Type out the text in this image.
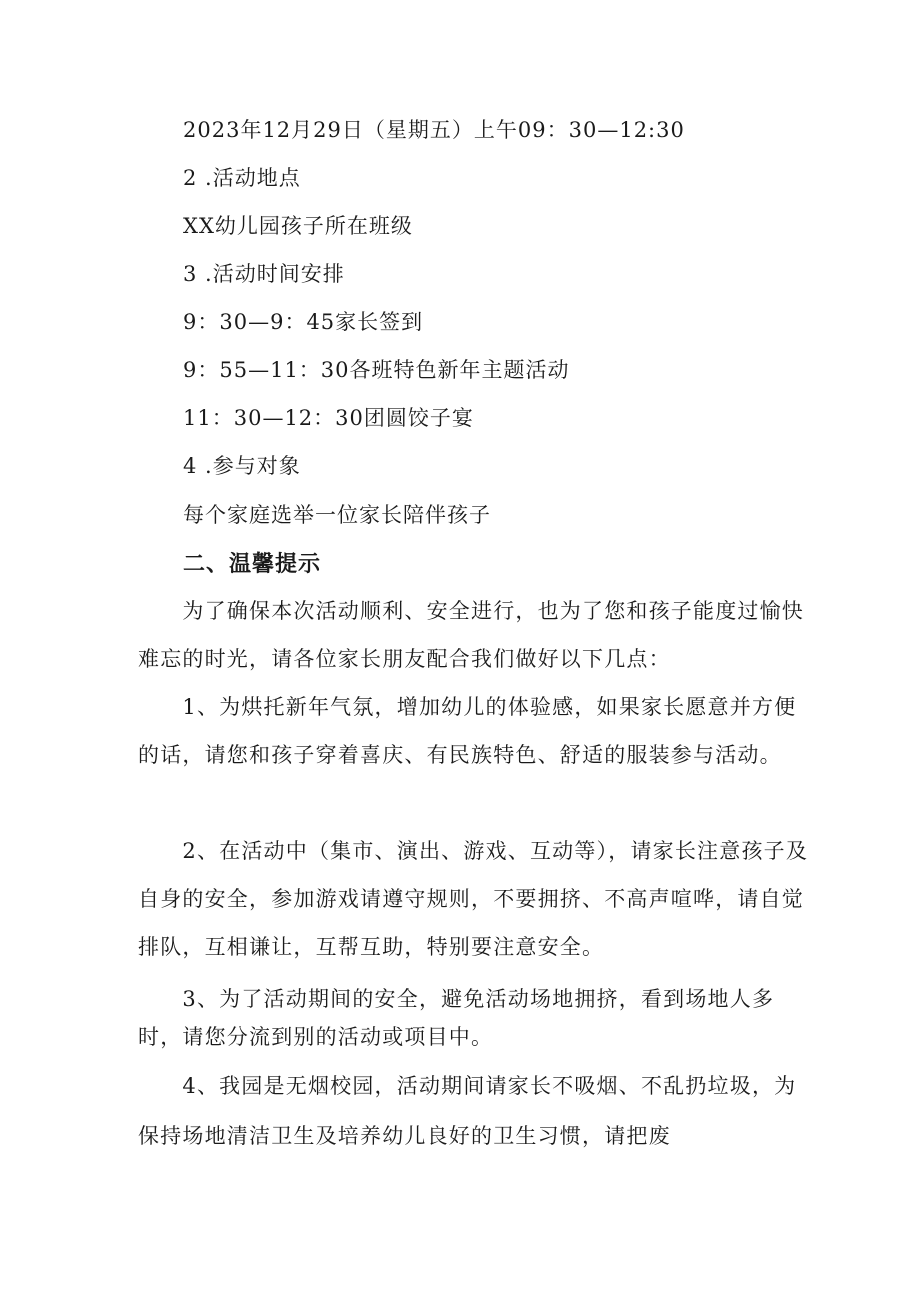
2023年12月29日（星期五）上午09：30—12:30
2 .活动地点
XX幼儿园孩子所在班级
3 .活动时间安排
9：30—9：45家长签到
9：55—11：30各班特色新年主题活动
11：30—12：30团圆饺子宴
4 .参与对象
每个家庭选举一位家长陪伴孩子
二、温馨提示
　　为了确保本次活动顺利、安全进行，也为了您和孩子能度过愉快难忘的时光，请各位家长朋友配合我们做好以下几点：
　　1、为烘托新年气氛，增加幼儿的体验感，如果家长愿意并方便的话，请您和孩子穿着喜庆、有民族特色、舒适的服装参与活动。
　　2、在活动中（集市、演出、游戏、互动等），请家长注意孩子及自身的安全，参加游戏请遵守规则，不要拥挤、不高声喧哗，请自觉排队，互相谦让，互帮互助，特别要注意安全。
　　3、为了活动期间的安全，避免活动场地拥挤，看到场地人多时，请您分流到别的活动或项目中。
　　4、我园是无烟校园，活动期间请家长不吸烟、不乱扔垃圾，为保持场地清洁卫生及培养幼儿良好的卫生习惯，请把废
